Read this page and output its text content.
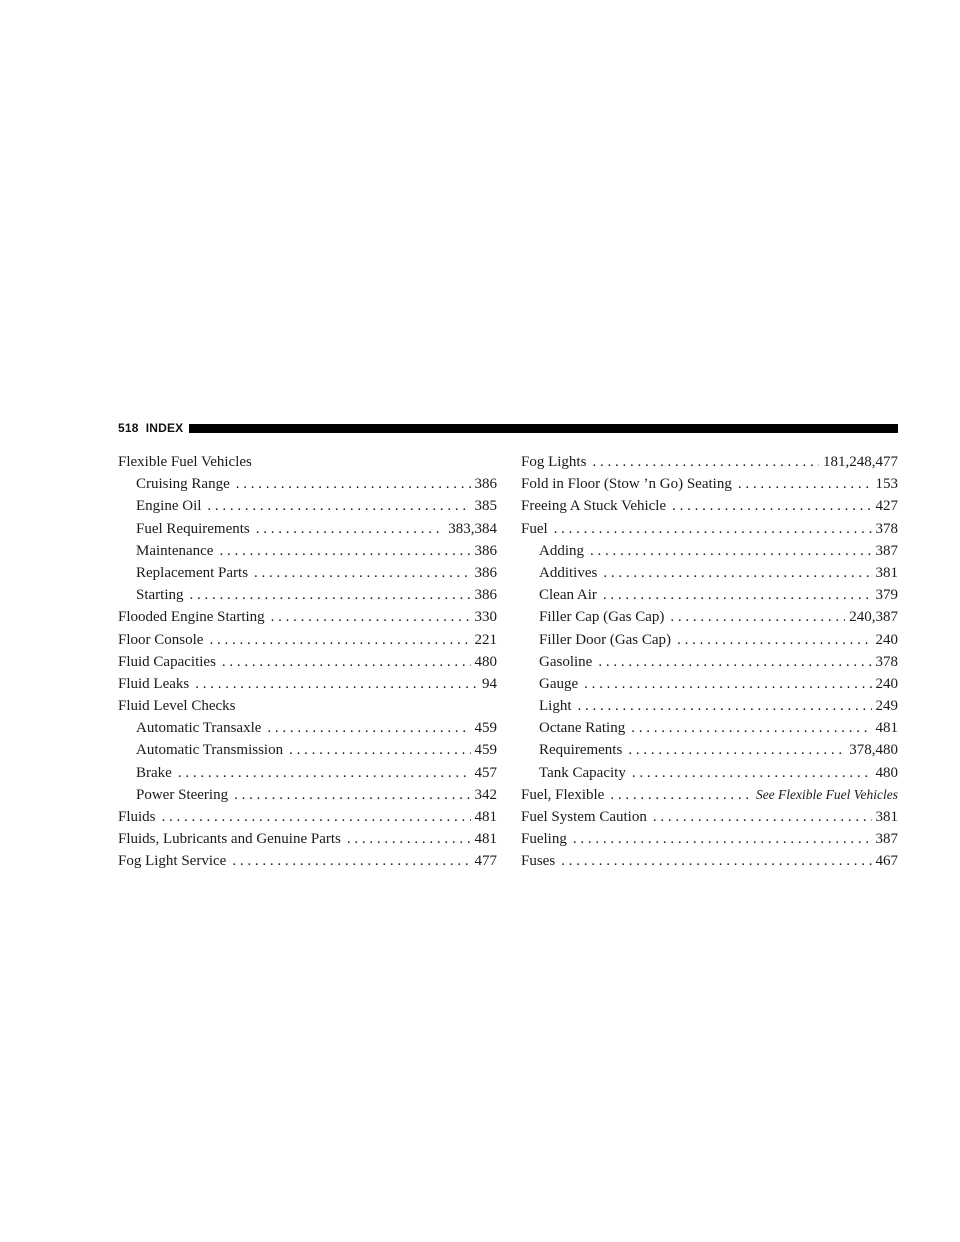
518 INDEX
Flexible Fuel Vehicles
Cruising Range . . .	386
Engine Oil . . .	385
Fuel Requirements . . .	383,384
Maintenance . . .	386
Replacement Parts . . .	386
Starting . . .	386
Flooded Engine Starting . . .	330
Floor Console . . .	221
Fluid Capacities . . .	480
Fluid Leaks . . .	94
Fluid Level Checks
Automatic Transaxle . . .	459
Automatic Transmission . . .	459
Brake . . .	457
Power Steering . . .	342
Fluids . . .	481
Fluids, Lubricants and Genuine Parts . . .	481
Fog Light Service . . .	477
Fog Lights . . .	181,248,477
Fold in Floor (Stow ’n Go) Seating . . .	153
Freeing A Stuck Vehicle . . .	427
Fuel . . .	378
Adding . . .	387
Additives . . .	381
Clean Air . . .	379
Filler Cap (Gas Cap) . . .	240,387
Filler Door (Gas Cap) . . .	240
Gasoline . . .	378
Gauge . . .	240
Light . . .	249
Octane Rating . . .	481
Requirements . . .	378,480
Tank Capacity . . .	480
Fuel, Flexible . . .	See Flexible Fuel Vehicles
Fuel System Caution . . .	381
Fueling . . .	387
Fuses . . .	467
